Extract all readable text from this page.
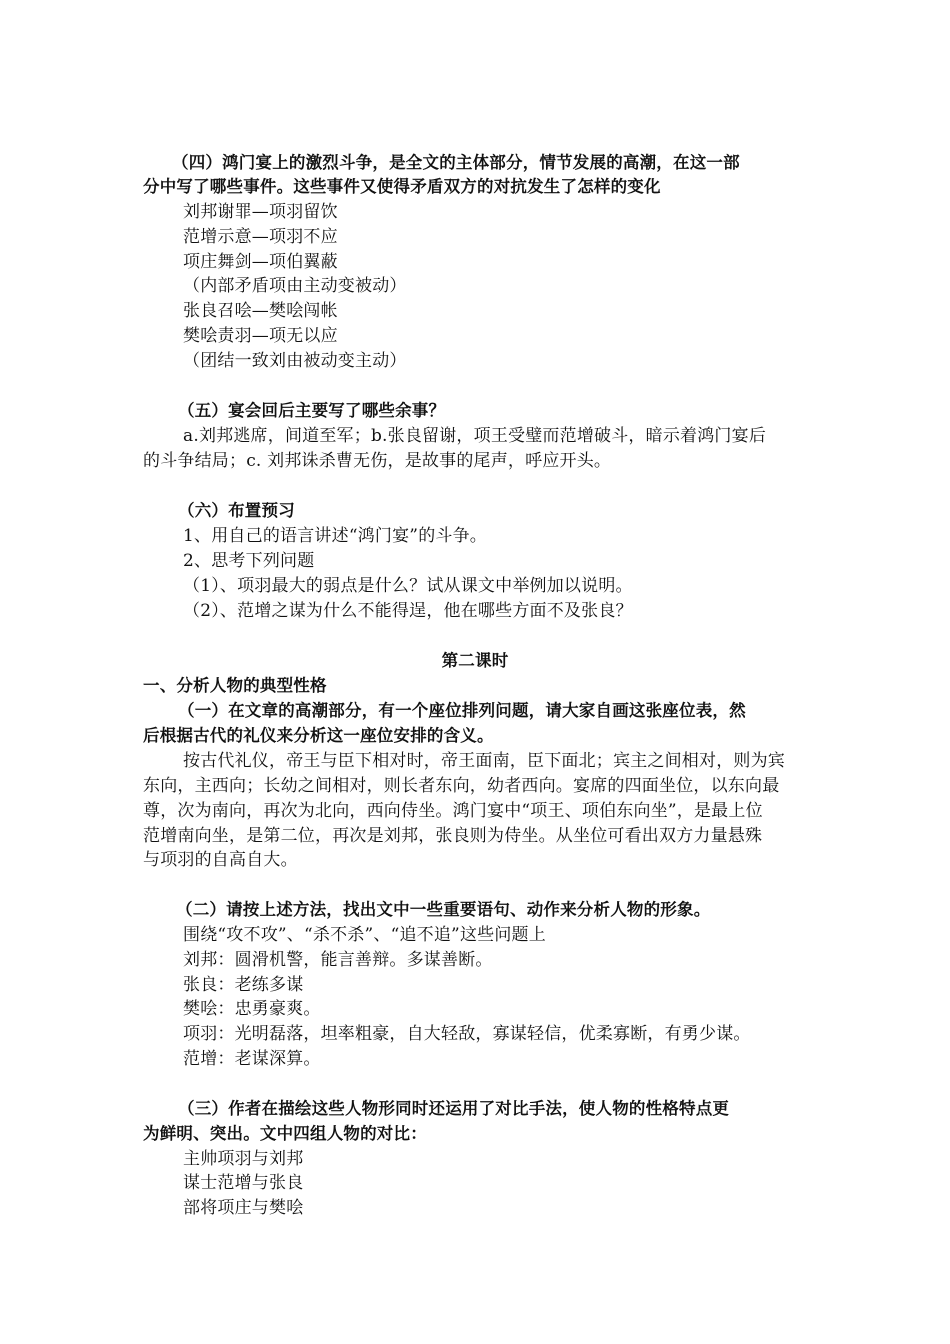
（四）鸿门宴上的激烈斗争，是全文的主体部分，情节发展的高潮，在这一部
分中写了哪些事件。这些事件又使得矛盾双方的对抗发生了怎样的变化
刘邦谢罪—项羽留饮
范增示意—项羽不应
项庄舞剑—项伯翼蔽
（内部矛盾项由主动变被动）
张良召哙—樊哙闯帐
樊哙责羽—项无以应
（团结一致刘由被动变主动）
（五）宴会回后主要写了哪些余事？
a.刘邦逃席，间道至军；b.张良留谢，项王受璧而范增破斗，暗示着鸿门宴后
的斗争结局；c. 刘邦诛杀曹无伤，是故事的尾声，呼应开头。
（六）布置预习
1、用自己的语言讲述“鸿门宴”的斗争。
2、思考下列问题
（1）、项羽最大的弱点是什么？试从课文中举例加以说明。
（2）、范增之谋为什么不能得逞，他在哪些方面不及张良？
第二课时
一、分析人物的典型性格
（一）在文章的高潮部分，有一个座位排列问题，请大家自画这张座位表，然
后根据古代的礼仪来分析这一座位安排的含义。
按古代礼仪，帝王与臣下相对时，帝王面南，臣下面北；宾主之间相对，则为宾
东向，主西向；长幼之间相对，则长者东向，幼者西向。宴席的四面坐位，以东向最
尊，次为南向，再次为北向，西向侍坐。鸿门宴中“项王、项伯东向坐”，是最上位
范增南向坐，是第二位，再次是刘邦，张良则为侍坐。从坐位可看出双方力量悬殊
与项羽的自高自大。
（二）请按上述方法，找出文中一些重要语句、动作来分析人物的形象。
围绕“攻不攻”、“杀不杀”、“追不追”这些问题上
刘邦：圆滑机警，能言善辩。多谋善断。
张良：老练多谋
樊哙：忠勇豪爽。
项羽：光明磊落，坦率粗豪，自大轻敌，寡谋轻信，优柔寡断，有勇少谋。
范增：老谋深算。
（三）作者在描绘这些人物形同时还运用了对比手法，使人物的性格特点更
为鲜明、突出。文中四组人物的对比：
主帅项羽与刘邦
谋士范增与张良
部将项庄与樊哙
